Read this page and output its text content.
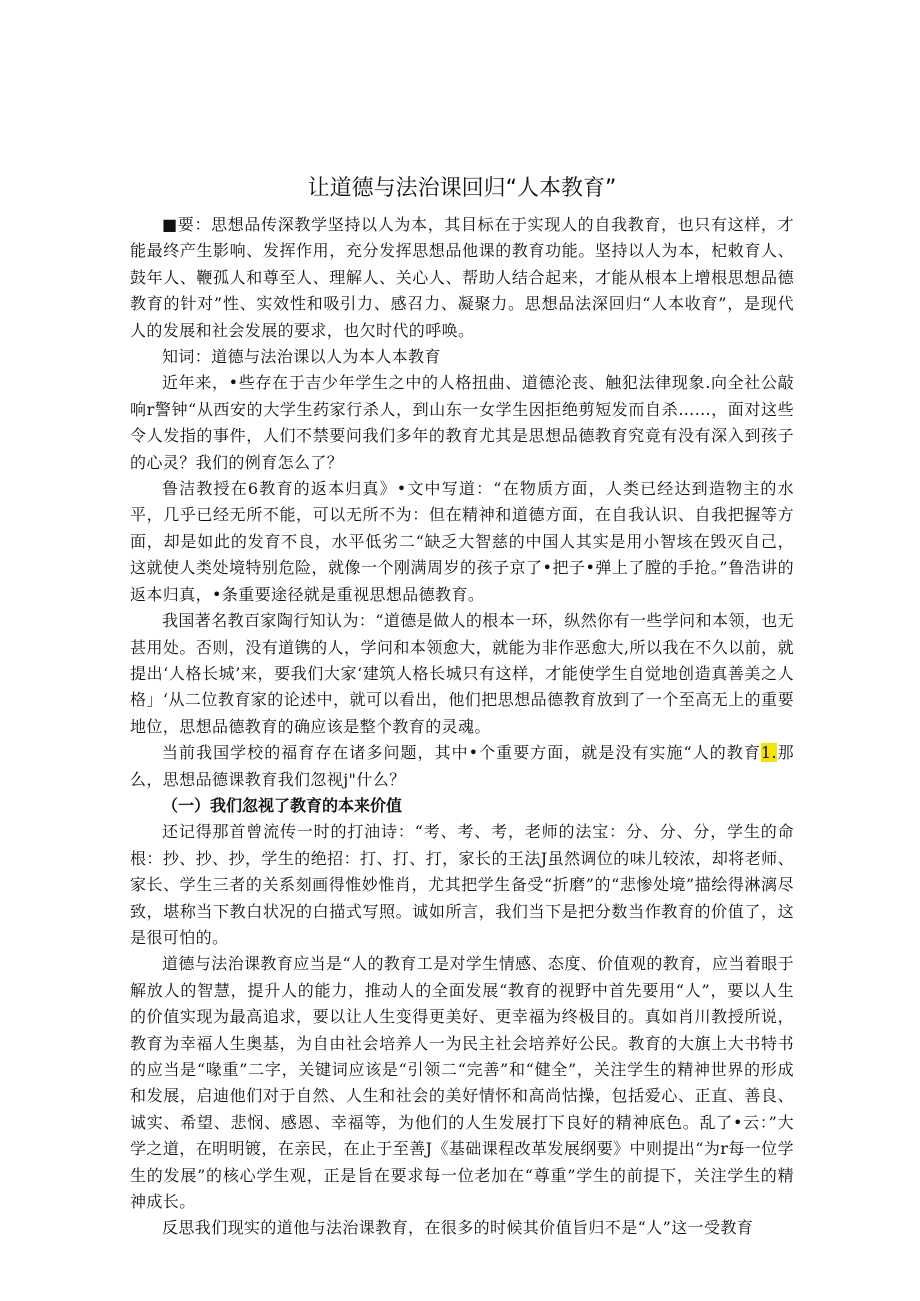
让道德与法治课回归“人本教育”

■要：思想品传深教学坚持以人为本，其目标在于实现人的自我教育，也只有这样，才能最终产生影响、发挥作用，充分发挥思想品他课的教育功能。坚持以人为本，杞敕育人、鼓年人、鞭孤人和尊至人、理解人、关心人、帮助人结合起来，才能从根本上增根思想品德教育的针对”性、实效性和吸引力、感召力、凝聚力。思想品法深回归“人本收育”，是现代人的发展和社会发展的要求，也欠时代的呼唤。

知词：道德与法治课以人为本人本教育

近年来，•些存在于吉少年学生之中的人格扭曲、道德沦丧、触犯法律现象.向全社公敲响r警钟“从西安的大学生药家行杀人，到山东一女学生因拒绝剪短发而自杀……，面对这些令人发指的事件，人们不禁要问我们多年的教育尤其是思想品德教育究竟有没有深入到孩子的心灵？我们的例育怎么了？

鲁洁教授在6教育的返本归真》•文中写道：“在物质方面，人类已经达到造物主的水平，几乎已经无所不能，可以无所不为：但在精神和道德方面，在自我认识、自我把握等方面，却是如此的发育不良，水平低劣二“缺乏大智慈的中国人其实是用小智垓在毁灭自己，这就使人类处境特别危险，就像一个刚满周岁的孩子京了•把子•弹上了膛的手抢。”鲁浩讲的返本归真，•条重要途径就是重视思想品德教育。

我国著名教百家陶行知认为：“道德是做人的根本一环，纵然你有一些学问和本领，也无甚用处。否则，没有道镌的人，学问和本领愈大，就能为非作恶愈大,所以我在不久以前，就提出‘人格长城’来，要我们大家‘建筑人格长城只有这样，才能使学生自觉地创造真善美之人格」‘从二位教育家的论述中，就可以看出，他们把思想品德教育放到了一个至高无上的重要地位，思想品德教育的确应该是整个教育的灵魂。

当前我国学校的福育存在诸多问题，其中•个重要方面，就是没有实施“人的教育1.那么，思想品德课教育我们忽视j"什么？

（一）我们忽视了教育的本来价值

还记得那首曾流传一时的打油诗：“考、考、考，老师的法宝：分、分、分，学生的命根：抄、抄、抄，学生的绝招：打、打、打，家长的王法J虽然调位的味儿较浓，却将老师、家长、学生三者的关系刻画得惟妙惟肖，尤其把学生备受“折磨”的“悲惨处境”描绘得淋漓尽致，堪称当下教白状况的白描式写照。诚如所言，我们当下是把分数当作教育的价值了，这是很可怕的。

道德与法治课教育应当是“人的教育工是对学生情感、态度、价值观的教育，应当着眼于解放人的智慧，提升人的能力，推动人的全面发展“教育的视野中首先要用“人”，要以人生的价值实现为最高追求，要以让人生变得更美好、更幸福为终极目的。真如肖川教授所说，教育为幸福人生奥基，为自由社会培养人一为民主社会培养好公民。教育的大旗上大书特书的应当是“喙重”二字，关键词应该是“引领二“完善”和“健全”，关注学生的精神世界的形成和发展，启迪他们对于自然、人生和社会的美好情怀和高尚怙操，包括爱心、正直、善良、诚实、希望、悲悯、感恩、幸福等，为他们的人生发展打下良好的精神底色。乱了•云：”大学之道，在明明镀，在亲民，在止于至善J《基础课程改革发展纲要》中则提出“为r每一位学生的发展”的核心学生观，正是旨在要求每一位老加在“尊重”学生的前提下，关注学生的精神成长。

反思我们现实的道他与法治课教育，在很多的时候其价值旨归不是“人”这一受教育
